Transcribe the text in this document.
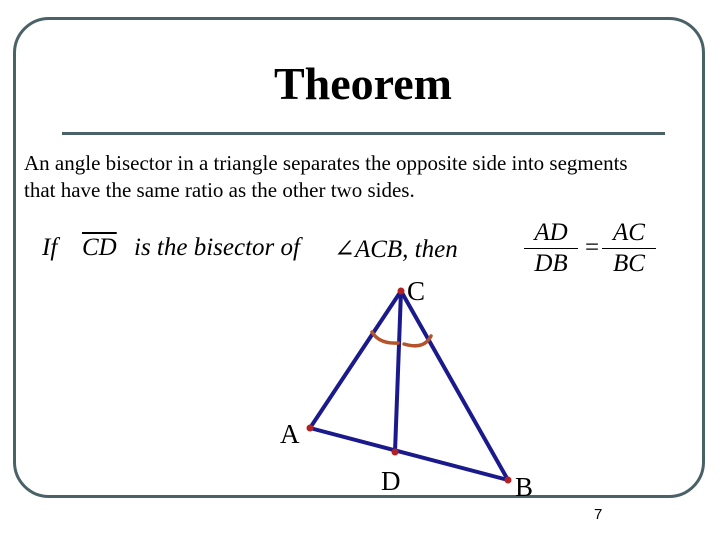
Theorem
An angle bisector in a triangle separates the opposite side into segments that have the same ratio as the other two sides.
If $\overline{CD}$ is the bisector of ∠ACB, then
AD
DB
=
AC
BC
C
A
D	B
7
